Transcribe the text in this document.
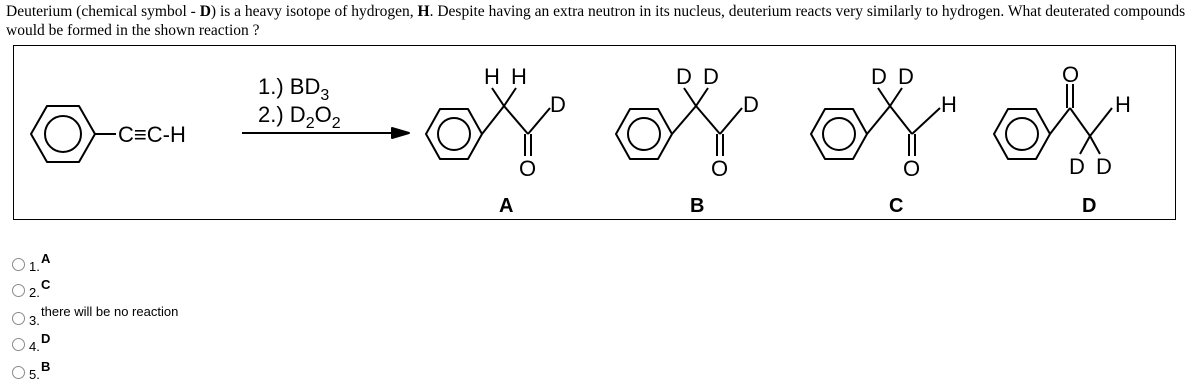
Deuterium (chemical symbol - D) is a heavy isotope of hydrogen, H. Despite having an extra neutron in its nucleus, deuterium reacts very similarly to hydrogen. What deuterated compounds would be formed in the shown reaction ?
C≡C-H
1.) $BD_3$
2.) $D_2O_2$
H H
D
O
A
D D
D
O
B
D D
H
O
C
O
H
D D
D
1.
A
2.
C
3.
there will be no reaction
4.
D
5.
B
